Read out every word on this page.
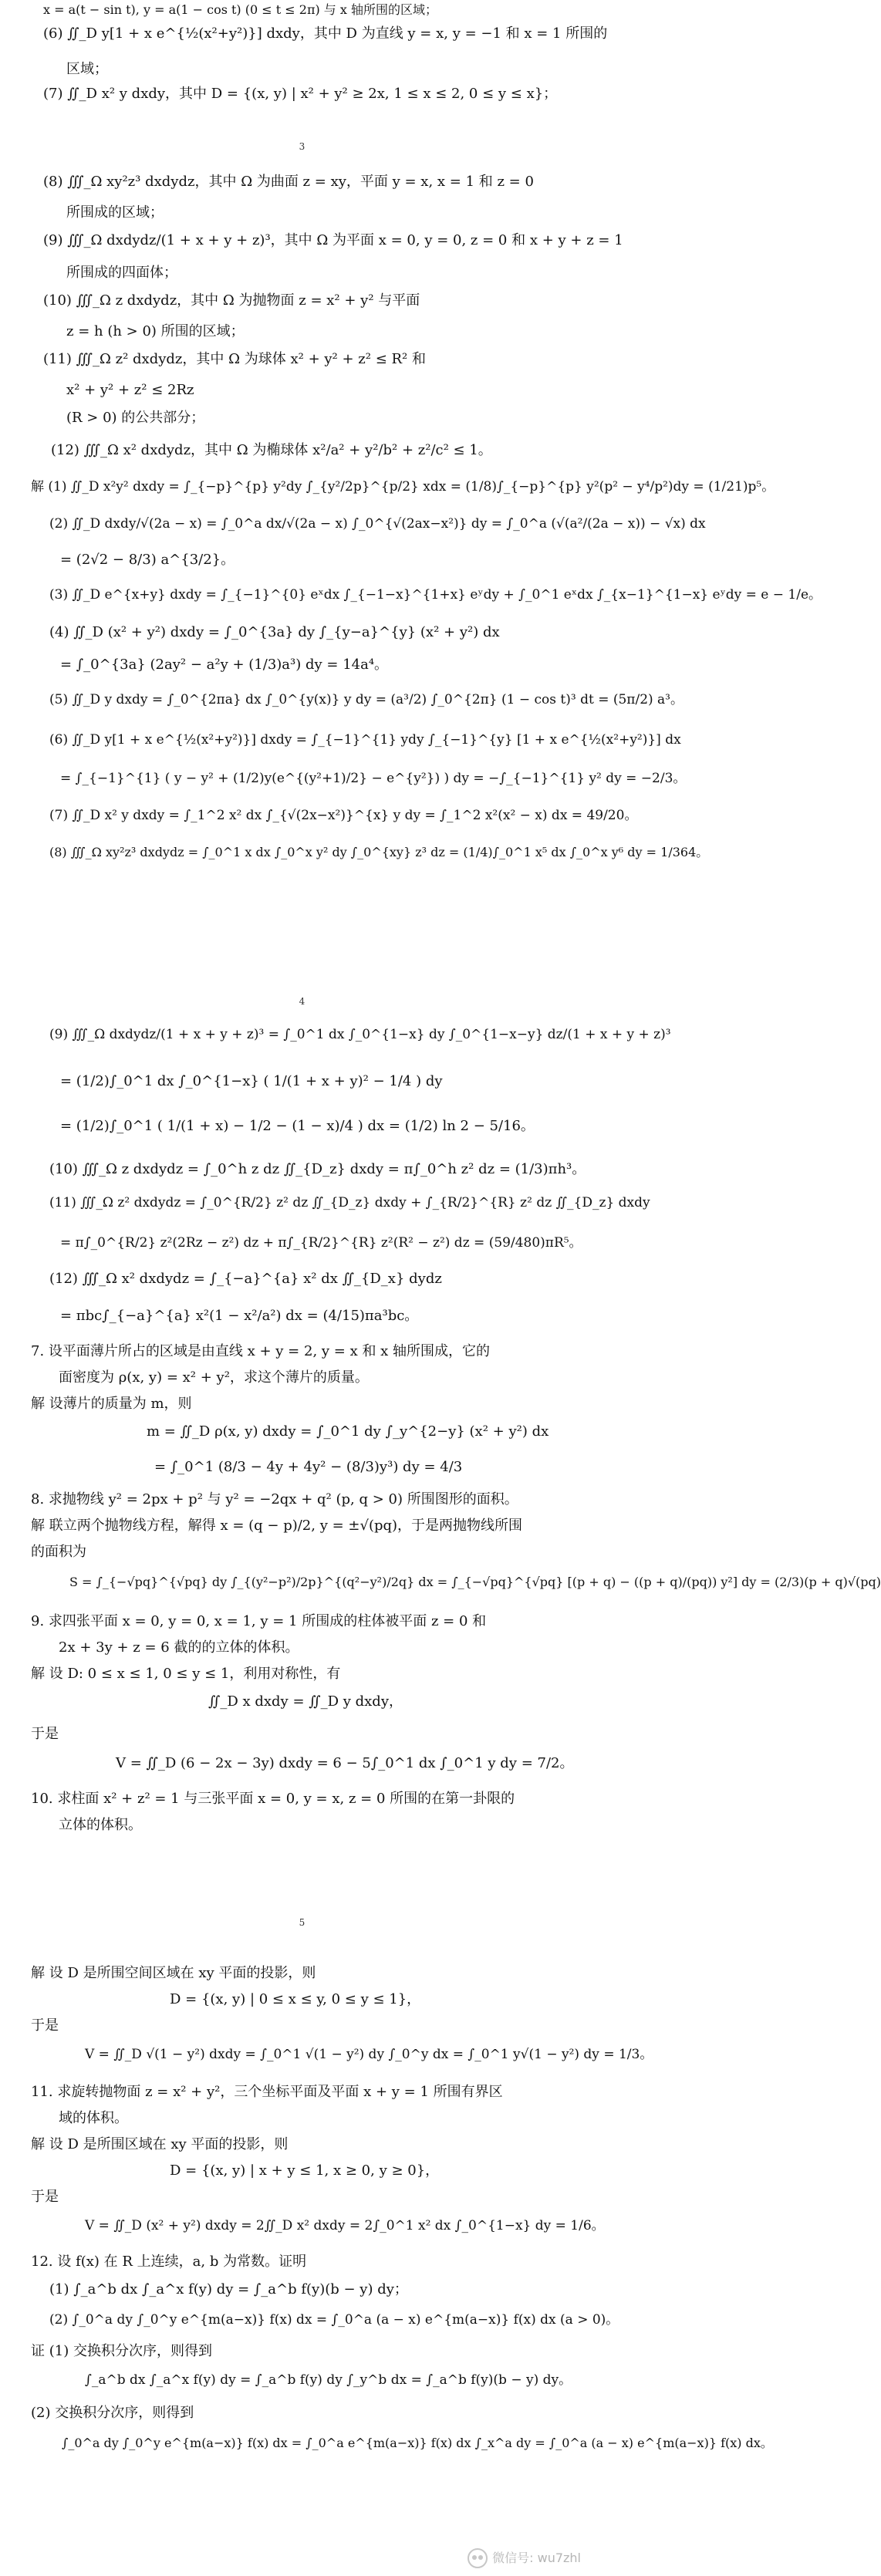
x = a(t − sin t), y = a(1 − cos t) (0 ≤ t ≤ 2π) 与 x 轴所围的区域；
(6) ∬_D y[1 + x e^{½(x²+y²)}] dxdy，其中 D 为直线 y = x, y = −1 和 x = 1 所围的
区域；
(7) ∬_D x² y dxdy，其中 D = {(x, y) | x² + y² ≥ 2x, 1 ≤ x ≤ 2, 0 ≤ y ≤ x}；
3
(8) ∭_Ω xy²z³ dxdydz，其中 Ω 为曲面 z = xy，平面 y = x, x = 1 和 z = 0
所围成的区域；
(9) ∭_Ω dxdydz/(1 + x + y + z)³，其中 Ω 为平面 x = 0, y = 0, z = 0 和 x + y + z = 1
所围成的四面体；
(10) ∭_Ω z dxdydz，其中 Ω 为抛物面 z = x² + y² 与平面
z = h (h > 0) 所围的区域；
(11) ∭_Ω z² dxdydz，其中 Ω 为球体 x² + y² + z² ≤ R² 和
x² + y² + z² ≤ 2Rz
(R > 0) 的公共部分；
(12) ∭_Ω x² dxdydz，其中 Ω 为椭球体 x²/a² + y²/b² + z²/c² ≤ 1。
解 (1) ∬_D x²y² dxdy = ∫_{−p}^{p} y²dy ∫_{y²/2p}^{p/2} xdx = (1/8)∫_{−p}^{p} y²(p² − y⁴/p²)dy = (1/21)p⁵。
(2) ∬_D dxdy/√(2a − x) = ∫_0^a dx/√(2a − x) ∫_0^{√(2ax−x²)} dy = ∫_0^a (√(a²/(2a − x)) − √x) dx
= (2√2 − 8/3) a^{3/2}。
(3) ∬_D e^{x+y} dxdy = ∫_{−1}^{0} eˣdx ∫_{−1−x}^{1+x} eʸdy + ∫_0^1 eˣdx ∫_{x−1}^{1−x} eʸdy = e − 1/e。
(4) ∬_D (x² + y²) dxdy = ∫_0^{3a} dy ∫_{y−a}^{y} (x² + y²) dx
= ∫_0^{3a} (2ay² − a²y + (1/3)a³) dy = 14a⁴。
(5) ∬_D y dxdy = ∫_0^{2πa} dx ∫_0^{y(x)} y dy = (a³/2) ∫_0^{2π} (1 − cos t)³ dt = (5π/2) a³。
(6) ∬_D y[1 + x e^{½(x²+y²)}] dxdy = ∫_{−1}^{1} ydy ∫_{−1}^{y} [1 + x e^{½(x²+y²)}] dx
= ∫_{−1}^{1} ( y − y² + (1/2)y(e^{(y²+1)/2} − e^{y²}) ) dy = −∫_{−1}^{1} y² dy = −2/3。
(7) ∬_D x² y dxdy = ∫_1^2 x² dx ∫_{√(2x−x²)}^{x} y dy = ∫_1^2 x²(x² − x) dx = 49/20。
(8) ∭_Ω xy²z³ dxdydz = ∫_0^1 x dx ∫_0^x y² dy ∫_0^{xy} z³ dz = (1/4)∫_0^1 x⁵ dx ∫_0^x y⁶ dy = 1/364。
4
(9) ∭_Ω dxdydz/(1 + x + y + z)³ = ∫_0^1 dx ∫_0^{1−x} dy ∫_0^{1−x−y} dz/(1 + x + y + z)³
= (1/2)∫_0^1 dx ∫_0^{1−x} ( 1/(1 + x + y)² − 1/4 ) dy
= (1/2)∫_0^1 ( 1/(1 + x) − 1/2 − (1 − x)/4 ) dx = (1/2) ln 2 − 5/16。
(10) ∭_Ω z dxdydz = ∫_0^h z dz ∬_{D_z} dxdy = π∫_0^h z² dz = (1/3)πh³。
(11) ∭_Ω z² dxdydz = ∫_0^{R/2} z² dz ∬_{D_z} dxdy + ∫_{R/2}^{R} z² dz ∬_{D_z} dxdy
= π∫_0^{R/2} z²(2Rz − z²) dz + π∫_{R/2}^{R} z²(R² − z²) dz = (59/480)πR⁵。
(12) ∭_Ω x² dxdydz = ∫_{−a}^{a} x² dx ∬_{D_x} dydz
= πbc∫_{−a}^{a} x²(1 − x²/a²) dx = (4/15)πa³bc。
7. 设平面薄片所占的区域是由直线 x + y = 2, y = x 和 x 轴所围成，它的
面密度为 ρ(x, y) = x² + y²，求这个薄片的质量。
解 设薄片的质量为 m，则
m = ∬_D ρ(x, y) dxdy = ∫_0^1 dy ∫_y^{2−y} (x² + y²) dx
= ∫_0^1 (8/3 − 4y + 4y² − (8/3)y³) dy = 4/3
8. 求抛物线 y² = 2px + p² 与 y² = −2qx + q² (p, q > 0) 所围图形的面积。
解 联立两个抛物线方程，解得 x = (q − p)/2, y = ±√(pq)，于是两抛物线所围
的面积为
S = ∫_{−√pq}^{√pq} dy ∫_{(y²−p²)/2p}^{(q²−y²)/2q} dx = ∫_{−√pq}^{√pq} [(p + q) − ((p + q)/(pq)) y²] dy = (2/3)(p + q)√(pq)
9. 求四张平面 x = 0, y = 0, x = 1, y = 1 所围成的柱体被平面 z = 0 和
2x + 3y + z = 6 截的的立体的体积。
解 设 D: 0 ≤ x ≤ 1, 0 ≤ y ≤ 1，利用对称性，有
∬_D x dxdy = ∬_D y dxdy，
于是
V = ∬_D (6 − 2x − 3y) dxdy = 6 − 5∫_0^1 dx ∫_0^1 y dy = 7/2。
10. 求柱面 x² + z² = 1 与三张平面 x = 0, y = x, z = 0 所围的在第一卦限的
立体的体积。
5
解 设 D 是所围空间区域在 xy 平面的投影，则
D = {(x, y) | 0 ≤ x ≤ y, 0 ≤ y ≤ 1}，
于是
V = ∬_D √(1 − y²) dxdy = ∫_0^1 √(1 − y²) dy ∫_0^y dx = ∫_0^1 y√(1 − y²) dy = 1/3。
11. 求旋转抛物面 z = x² + y²，三个坐标平面及平面 x + y = 1 所围有界区
域的体积。
解 设 D 是所围区域在 xy 平面的投影，则
D = {(x, y) | x + y ≤ 1, x ≥ 0, y ≥ 0}，
于是
V = ∬_D (x² + y²) dxdy = 2∬_D x² dxdy = 2∫_0^1 x² dx ∫_0^{1−x} dy = 1/6。
12. 设 f(x) 在 R 上连续，a, b 为常数。证明
(1) ∫_a^b dx ∫_a^x f(y) dy = ∫_a^b f(y)(b − y) dy；
(2) ∫_0^a dy ∫_0^y e^{m(a−x)} f(x) dx = ∫_0^a (a − x) e^{m(a−x)} f(x) dx (a > 0)。
证 (1) 交换积分次序，则得到
∫_a^b dx ∫_a^x f(y) dy = ∫_a^b f(y) dy ∫_y^b dx = ∫_a^b f(y)(b − y) dy。
(2) 交换积分次序，则得到
∫_0^a dy ∫_0^y e^{m(a−x)} f(x) dx = ∫_0^a e^{m(a−x)} f(x) dx ∫_x^a dy = ∫_0^a (a − x) e^{m(a−x)} f(x) dx。
微信号: wu7zhl
